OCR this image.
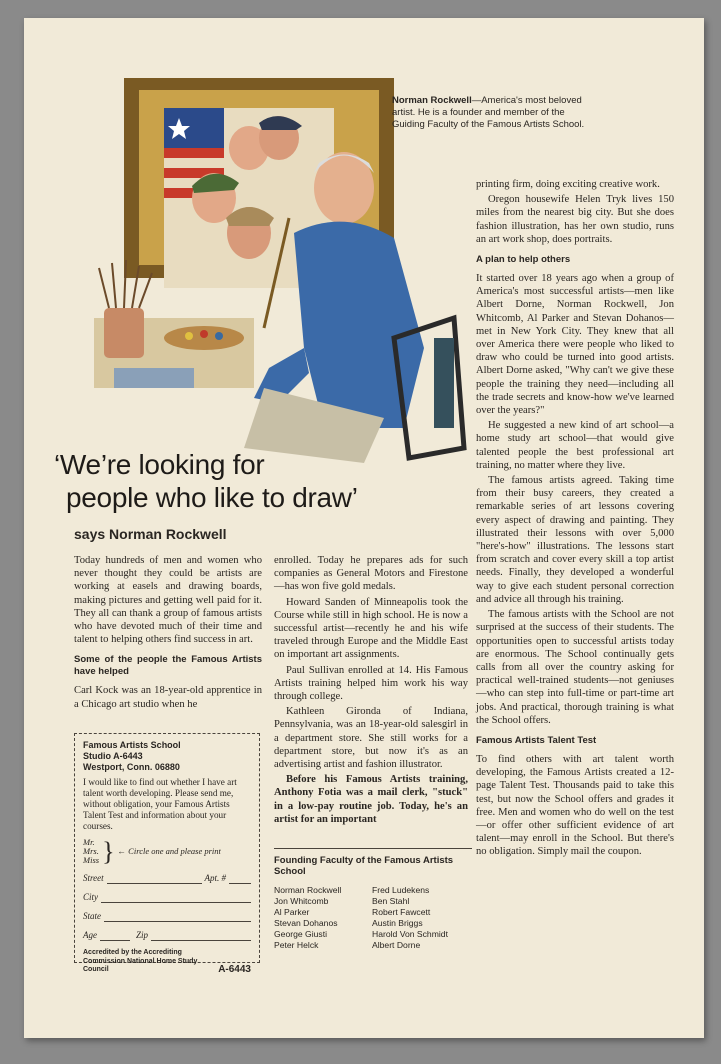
Norman Rockwell—America's most beloved artist. He is a founder and member of the Guiding Faculty of the Famous Artists School.
‘We’re looking for
people who like to draw’
says Norman Rockwell

Today hundreds of men and women who never thought they could be artists are working at easels and drawing boards, making pictures and getting well paid for it. They all can thank a group of famous artists who have devoted much of their time and talent to helping others find success in art.

Some of the people the Famous Artists have helped

Carl Kock was an 18-year-old apprentice in a Chicago art studio when he

Famous Artists School
Studio A-6443
Westport, Conn. 06880
I would like to find out whether I have art talent worth developing. Please send me, without obligation, your Famous Artists Talent Test and information about your courses.
Mr.
Mrs.
Miss } ← Circle one and please print
Street	Apt. #
City
State
Age	Zip
Accredited by the Accrediting Commission National Home Study Council	A-6443

enrolled. Today he prepares ads for such companies as General Motors and Firestone—has won five gold medals.

Howard Sanden of Minneapolis took the Course while still in high school. He is now a successful artist—recently he and his wife traveled through Europe and the Middle East on important art assignments.

Paul Sullivan enrolled at 14. His Famous Artists training helped him work his way through college.

Kathleen Gironda of Indiana, Pennsylvania, was an 18-year-old salesgirl in a department store. She still works for a department store, but now it's as an advertising artist and fashion illustrator.

Before his Famous Artists training, Anthony Fotia was a mail clerk, "stuck" in a low-pay routine job. Today, he's an artist for an important

Founding Faculty of the Famous Artists School
Norman Rockwell	Fred Ludekens
Jon Whitcomb	Ben Stahl
Al Parker	Robert Fawcett
Stevan Dohanos	Austin Briggs
George Giusti	Harold Von Schmidt
Peter Helck	Albert Dorne

printing firm, doing exciting creative work.

Oregon housewife Helen Tryk lives 150 miles from the nearest big city. But she does fashion illustration, has her own studio, runs an art work shop, does portraits.

A plan to help others

It started over 18 years ago when a group of America's most successful artists—men like Albert Dorne, Norman Rockwell, Jon Whitcomb, Al Parker and Stevan Dohanos—met in New York City. They knew that all over America there were people who liked to draw who could be turned into good artists. Albert Dorne asked, "Why can't we give these people the training they need—including all the trade secrets and know-how we've learned over the years?"

He suggested a new kind of art school—a home study art school—that would give talented people the best professional art training, no matter where they live.

The famous artists agreed. Taking time from their busy careers, they created a remarkable series of art lessons covering every aspect of drawing and painting. They illustrated their lessons with over 5,000 "here's-how" illustrations. The lessons start from scratch and cover every skill a top artist needs. Finally, they developed a wonderful way to give each student personal correction and advice all through his training.

The famous artists with the School are not surprised at the success of their students. The opportunities open to successful artists today are enormous. The School continually gets calls from all over the country asking for practical well-trained students—not geniuses—who can step into full-time or part-time art jobs. And practical, thorough training is what the School offers.

Famous Artists Talent Test

To find others with art talent worth developing, the Famous Artists created a 12-page Talent Test. Thousands paid to take this test, but now the School offers and grades it free. Men and women who do well on the test—or offer other sufficient evidence of art talent—may enroll in the School. But there's no obligation. Simply mail the coupon.
